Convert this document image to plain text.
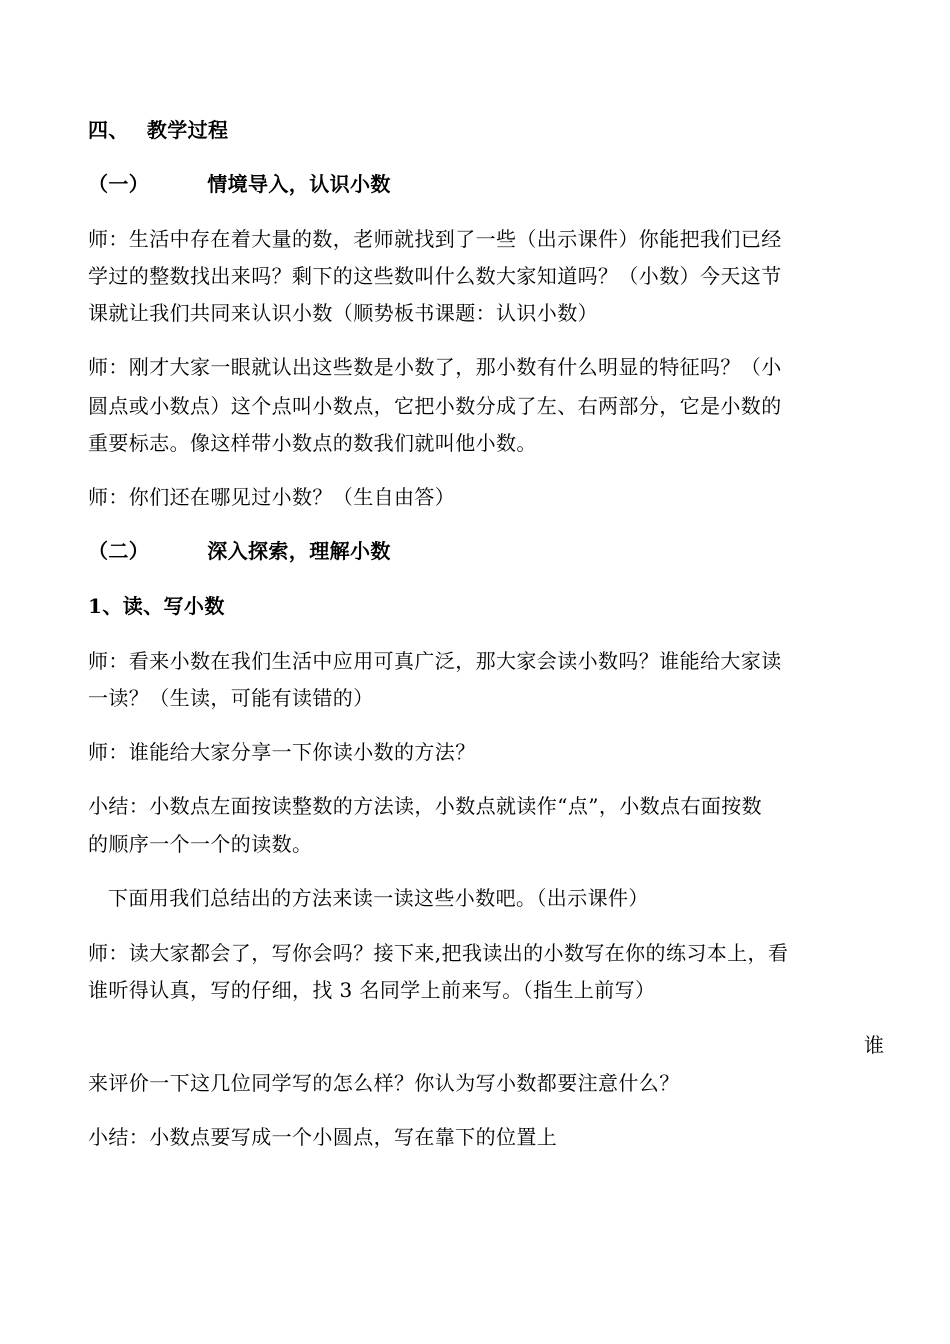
四、 教学过程
（一）	情境导入，认识小数
师：生活中存在着大量的数，老师就找到了一些（出示课件）你能把我们已经
学过的整数找出来吗？剩下的这些数叫什么数大家知道吗？（小数）今天这节
课就让我们共同来认识小数（顺势板书课题：认识小数）
师：刚才大家一眼就认出这些数是小数了，那小数有什么明显的特征吗？（小
圆点或小数点）这个点叫小数点，它把小数分成了左、右两部分，它是小数的
重要标志。像这样带小数点的数我们就叫他小数。
师：你们还在哪见过小数？（生自由答）
（二）	深入探索，理解小数
1、读、写小数
师：看来小数在我们生活中应用可真广泛，那大家会读小数吗？谁能给大家读
一读？（生读，可能有读错的）
师：谁能给大家分享一下你读小数的方法？
小结：小数点左面按读整数的方法读，小数点就读作“点”，小数点右面按数
的顺序一个一个的读数。
下面用我们总结出的方法来读一读这些小数吧。（出示课件）
师：读大家都会了，写你会吗？接下来,把我读出的小数写在你的练习本上，看
谁听得认真，写的仔细，找 3 名同学上前来写。（指生上前写）
谁
来评价一下这几位同学写的怎么样？你认为写小数都要注意什么？
小结：小数点要写成一个小圆点，写在靠下的位置上
